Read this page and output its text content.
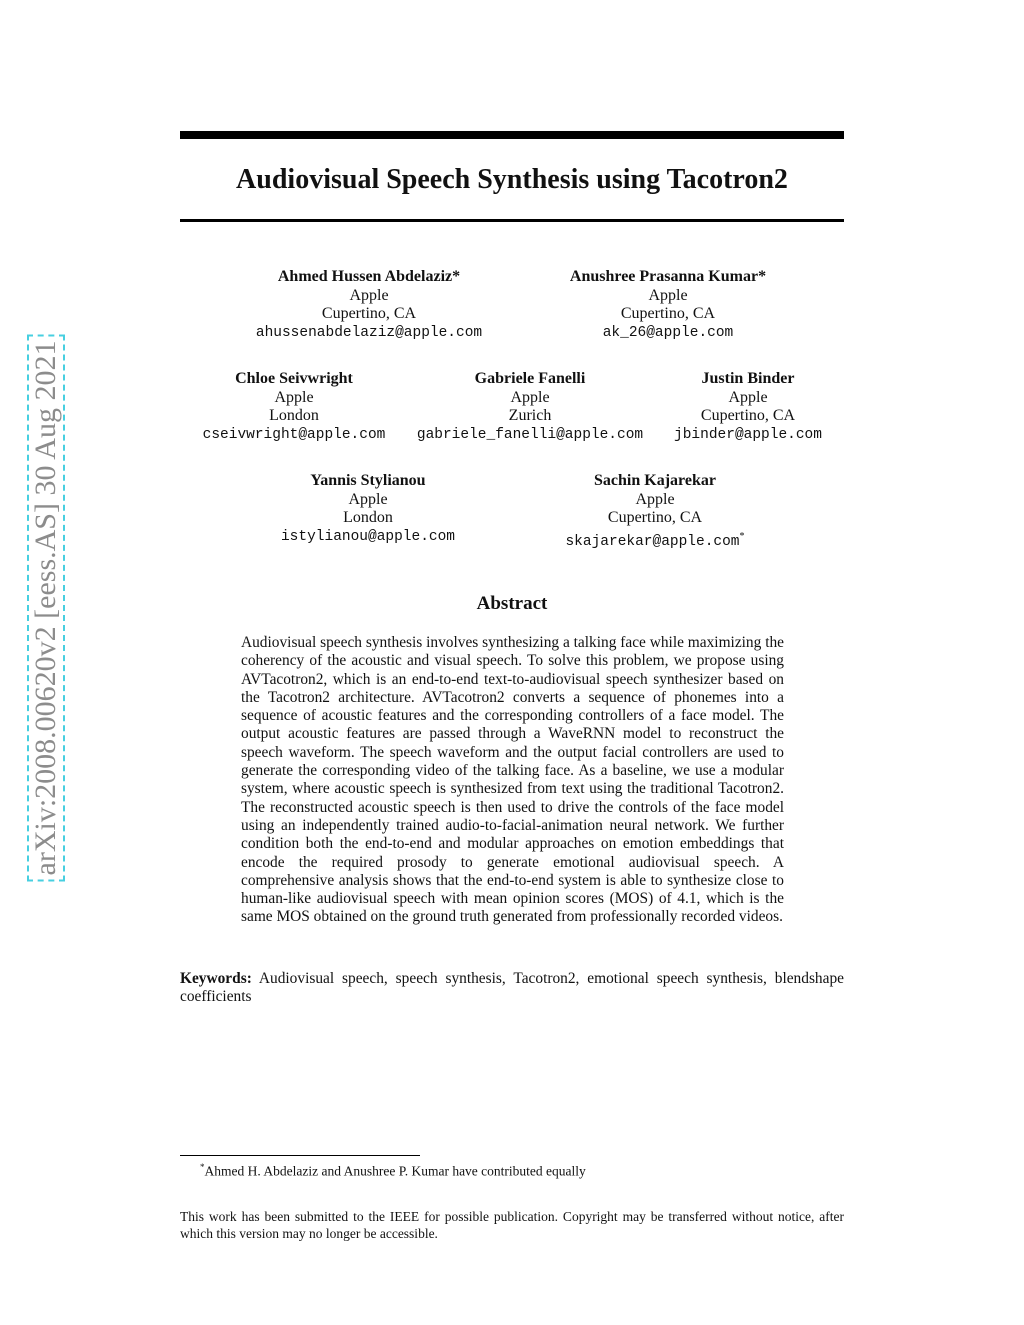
arXiv:2008.00620v2 [eess.AS] 30 Aug 2021
Audiovisual Speech Synthesis using Tacotron2
Ahmed Hussen Abdelaziz*
Apple
Cupertino, CA
ahussenabdelaziz@apple.com
Anushree Prasanna Kumar*
Apple
Cupertino, CA
ak_26@apple.com
Chloe Seivwright
Apple
London
cseivwright@apple.com
Gabriele Fanelli
Apple
Zurich
gabriele_fanelli@apple.com
Justin Binder
Apple
Cupertino, CA
jbinder@apple.com
Yannis Stylianou
Apple
London
istylianou@apple.com
Sachin Kajarekar
Apple
Cupertino, CA
skajarekar@apple.com*
Abstract
Audiovisual speech synthesis involves synthesizing a talking face while maximizing the coherency of the acoustic and visual speech. To solve this problem, we propose using AVTacotron2, which is an end-to-end text-to-audiovisual speech synthesizer based on the Tacotron2 architecture. AVTacotron2 converts a sequence of phonemes into a sequence of acoustic features and the corresponding controllers of a face model. The output acoustic features are passed through a WaveRNN model to reconstruct the speech waveform. The speech waveform and the output facial controllers are used to generate the corresponding video of the talking face. As a baseline, we use a modular system, where acoustic speech is synthesized from text using the traditional Tacotron2. The reconstructed acoustic speech is then used to drive the controls of the face model using an independently trained audio-to-facial-animation neural network. We further condition both the end-to-end and modular approaches on emotion embeddings that encode the required prosody to generate emotional audiovisual speech. A comprehensive analysis shows that the end-to-end system is able to synthesize close to human-like audiovisual speech with mean opinion scores (MOS) of 4.1, which is the same MOS obtained on the ground truth generated from professionally recorded videos.
Keywords: Audiovisual speech, speech synthesis, Tacotron2, emotional speech synthesis, blendshape coefficients
*Ahmed H. Abdelaziz and Anushree P. Kumar have contributed equally
This work has been submitted to the IEEE for possible publication. Copyright may be transferred without notice, after which this version may no longer be accessible.
